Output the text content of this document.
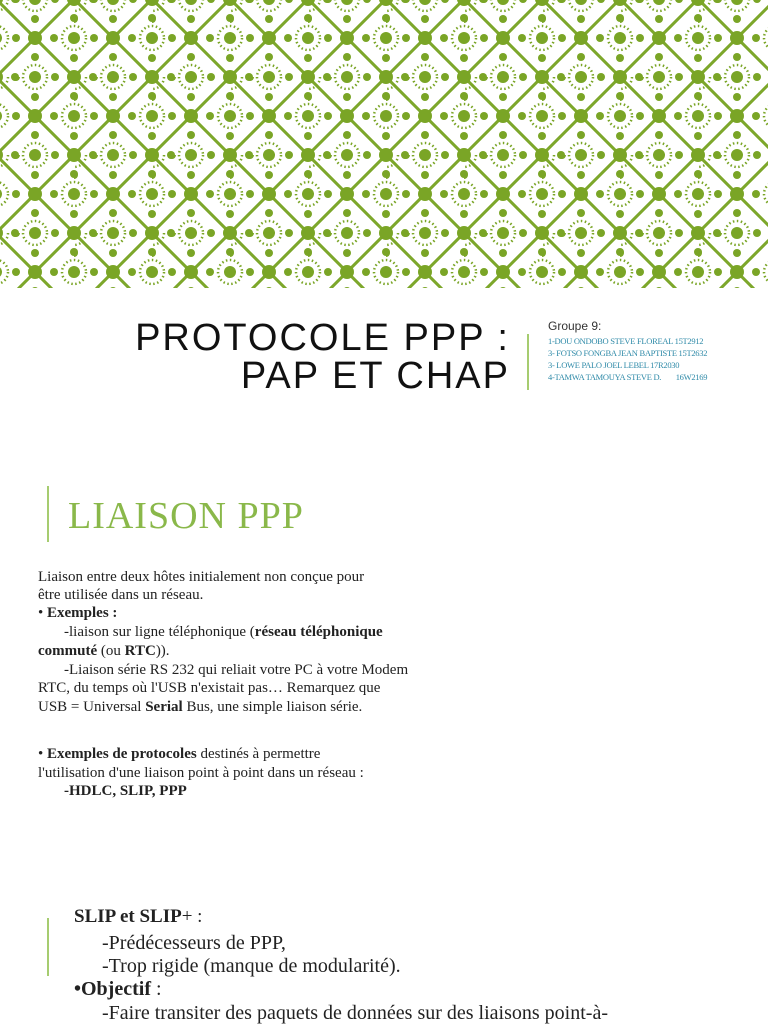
PROTOCOLE PPP :
PAP ET CHAP
Groupe 9:
1-DOU ONDOBO STEVE FLOREAL 15T2912
3- FOTSO FONGBA JEAN BAPTISTE 15T2632
3- LOWE PALO JOEL LEBEL 17R2030
4-TAMWA TAMOUYA STEVE D.        16W2169
LIAISON PPP
Liaison entre deux hôtes initialement non conçue pour
être utilisée dans un réseau.
• Exemples :
-liaison sur ligne téléphonique (réseau téléphonique
commuté (ou RTC)).
-Liaison série RS 232 qui reliait votre PC à votre Modem
RTC, du temps où l'USB n'existait pas… Remarquez que
USB = Universal Serial Bus, une simple liaison série.
• Exemples de protocoles destinés à permettre
l'utilisation d'une liaison point à point dans un réseau :
-HDLC, SLIP, PPP
SLIP et SLIP+ :
-Prédécesseurs de PPP,
-Trop rigide (manque de modularité).
•Objectif :
-Faire transiter des paquets de données sur des liaisons point-à-
